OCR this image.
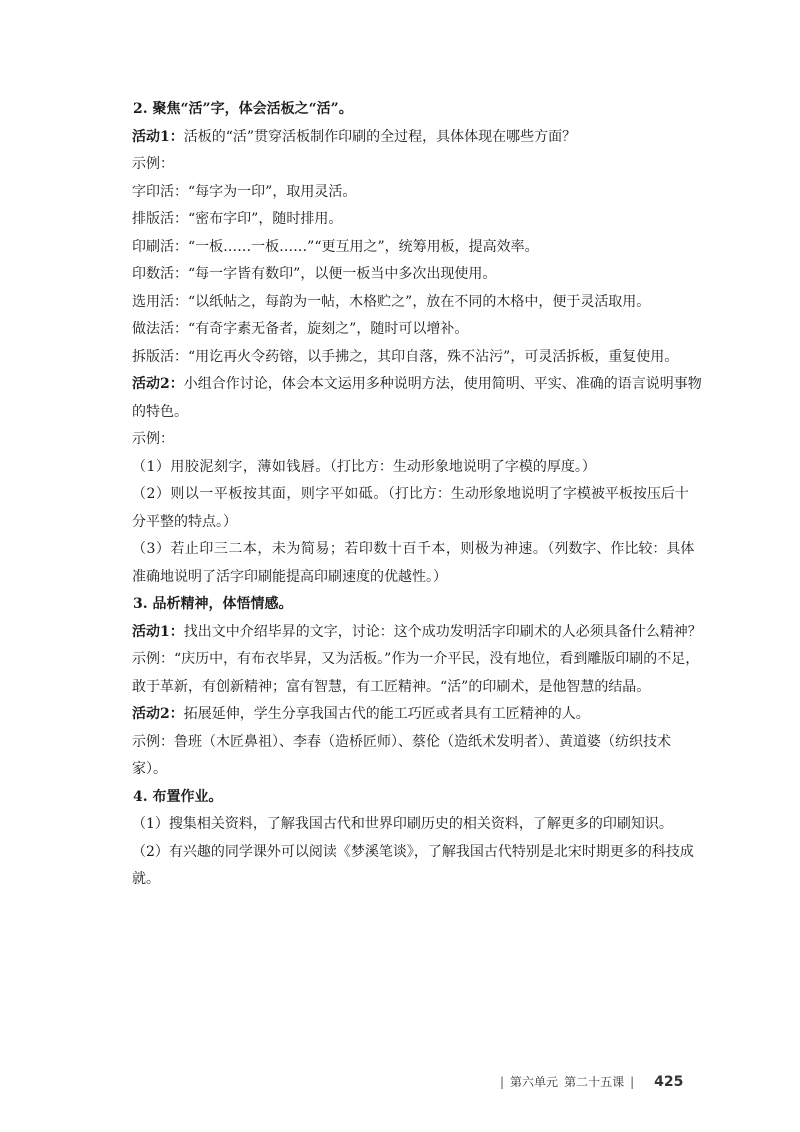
2. 聚焦“活”字，体会活板之“活”。

活动1：活板的“活”贯穿活板制作印刷的全过程，具体体现在哪些方面？

示例：

字印活：“每字为一印”，取用灵活。

排版活：“密布字印”，随时排用。

印刷活：“一板……一板……”“更互用之”，统筹用板，提高效率。

印数活：“每一字皆有数印”，以便一板当中多次出现使用。

选用活：“以纸帖之，每韵为一帖，木格贮之”，放在不同的木格中，便于灵活取用。

做法活：“有奇字素无备者，旋刻之”，随时可以增补。

拆版活：“用讫再火令药镕，以手拂之，其印自落，殊不沾污”，可灵活拆板，重复使用。

活动2：小组合作讨论，体会本文运用多种说明方法，使用简明、平实、准确的语言说明事物的特色。

示例：

（1）用胶泥刻字，薄如钱唇。（打比方：生动形象地说明了字模的厚度。）

（2）则以一平板按其面，则字平如砥。（打比方：生动形象地说明了字模被平板按压后十分平整的特点。）

（3）若止印三二本，未为简易；若印数十百千本，则极为神速。（列数字、作比较：具体准确地说明了活字印刷能提高印刷速度的优越性。）

3. 品析精神，体悟情感。

活动1：找出文中介绍毕昇的文字，讨论：这个成功发明活字印刷术的人必须具备什么精神？

示例：“庆历中，有布衣毕昇，又为活板。”作为一介平民，没有地位，看到雕版印刷的不足，敢于革新，有创新精神；富有智慧，有工匠精神。“活”的印刷术，是他智慧的结晶。

活动2：拓展延伸，学生分享我国古代的能工巧匠或者具有工匠精神的人。

示例：鲁班（木匠鼻祖）、李春（造桥匠师）、蔡伦（造纸术发明者）、黄道婆（纺织技术家）。

4. 布置作业。

（1）搜集相关资料，了解我国古代和世界印刷历史的相关资料，了解更多的印刷知识。

（2）有兴趣的同学课外可以阅读《梦溪笔谈》，了解我国古代特别是北宋时期更多的科技成就。

| 第六单元 第二十五课 | 425
